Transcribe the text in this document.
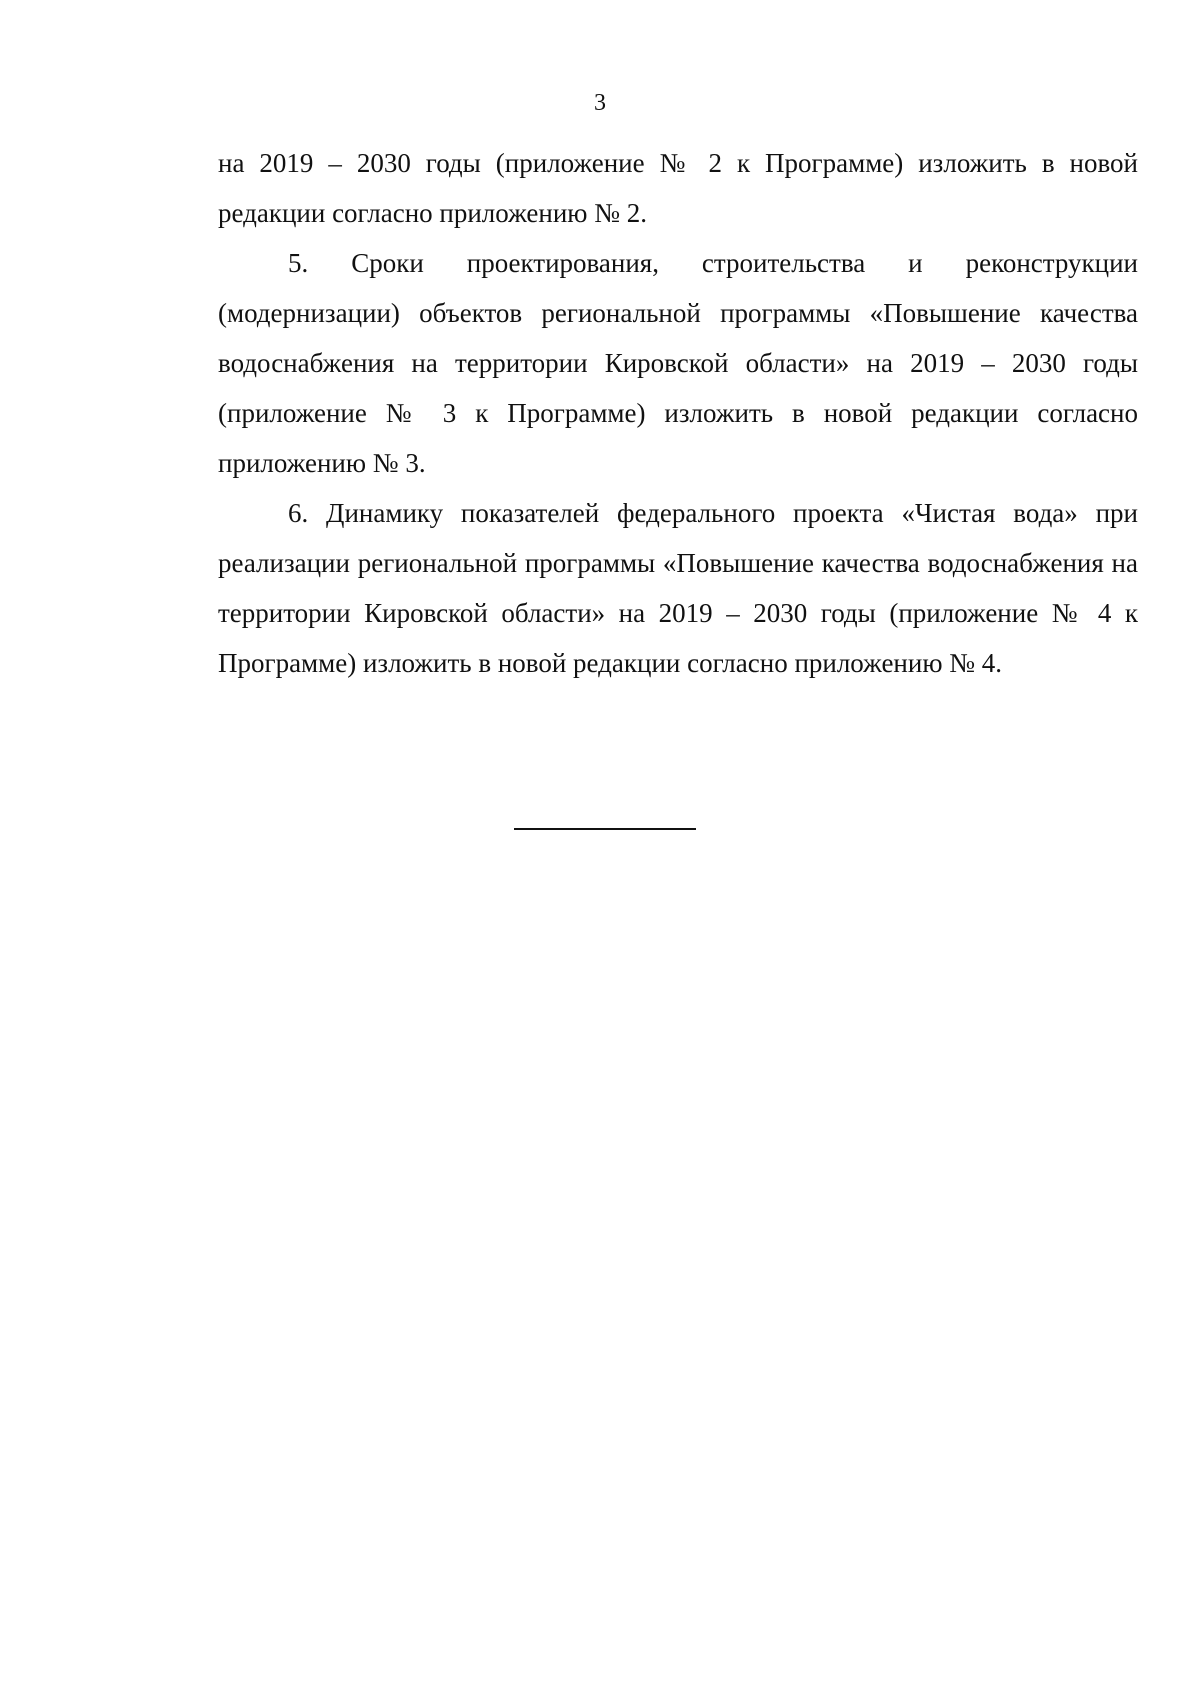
3

на 2019 – 2030 годы (приложение № 2 к Программе) изложить в новой редакции согласно приложению № 2.

5. Сроки проектирования, строительства и реконструкции (модернизации) объектов региональной программы «Повышение качества водоснабжения на территории Кировской области» на 2019 – 2030 годы (приложение № 3 к Программе) изложить в новой редакции согласно приложению № 3.

6. Динамику показателей федерального проекта «Чистая вода» при реализации региональной программы «Повышение качества водоснабжения на территории Кировской области» на 2019 – 2030 годы (приложение № 4 к Программе) изложить в новой редакции согласно приложению № 4.
